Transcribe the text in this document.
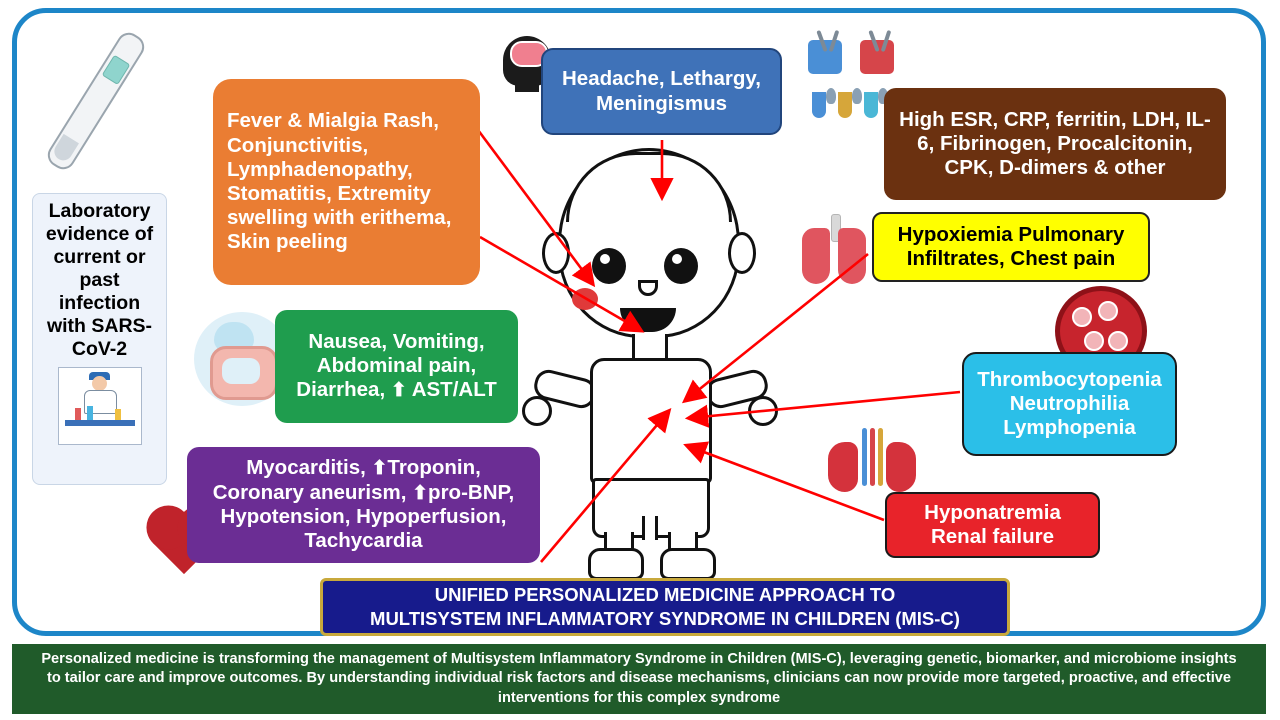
Fever & Mialgia Rash, Conjunctivitis, Lymphadenopathy, Stomatitis, Extremity swelling with erithema, Skin peeling
Headache, Lethargy, Meningismus
High ESR, CRP, ferritin, LDH, IL-6, Fibrinogen, Procalcitonin, CPK, D-dimers & other
Hypoxiemia Pulmonary Infiltrates, Chest pain
Thrombocytopenia
Neutrophilia
Lymphopenia
Hyponatremia
Renal failure
Nausea, Vomiting,
Abdominal pain,
Diarrhea, ⬆ AST/ALT
Myocarditis, ⬆Troponin,
Coronary aneurism, ⬆pro-BNP,
Hypotension, Hypoperfusion,
Tachycardia
Laboratory evidence of current or past infection with SARS-CoV-2
UNIFIED PERSONALIZED MEDICINE APPROACH TO
MULTISYSTEM INFLAMMATORY SYNDROME IN CHILDREN (MIS-C)
Personalized medicine is transforming the management of Multisystem Inflammatory Syndrome in Children (MIS-C), leveraging genetic, biomarker, and microbiome insights to tailor care and improve outcomes. By understanding individual risk factors and disease mechanisms, clinicians can now provide more targeted, proactive, and effective interventions for this complex syndrome
